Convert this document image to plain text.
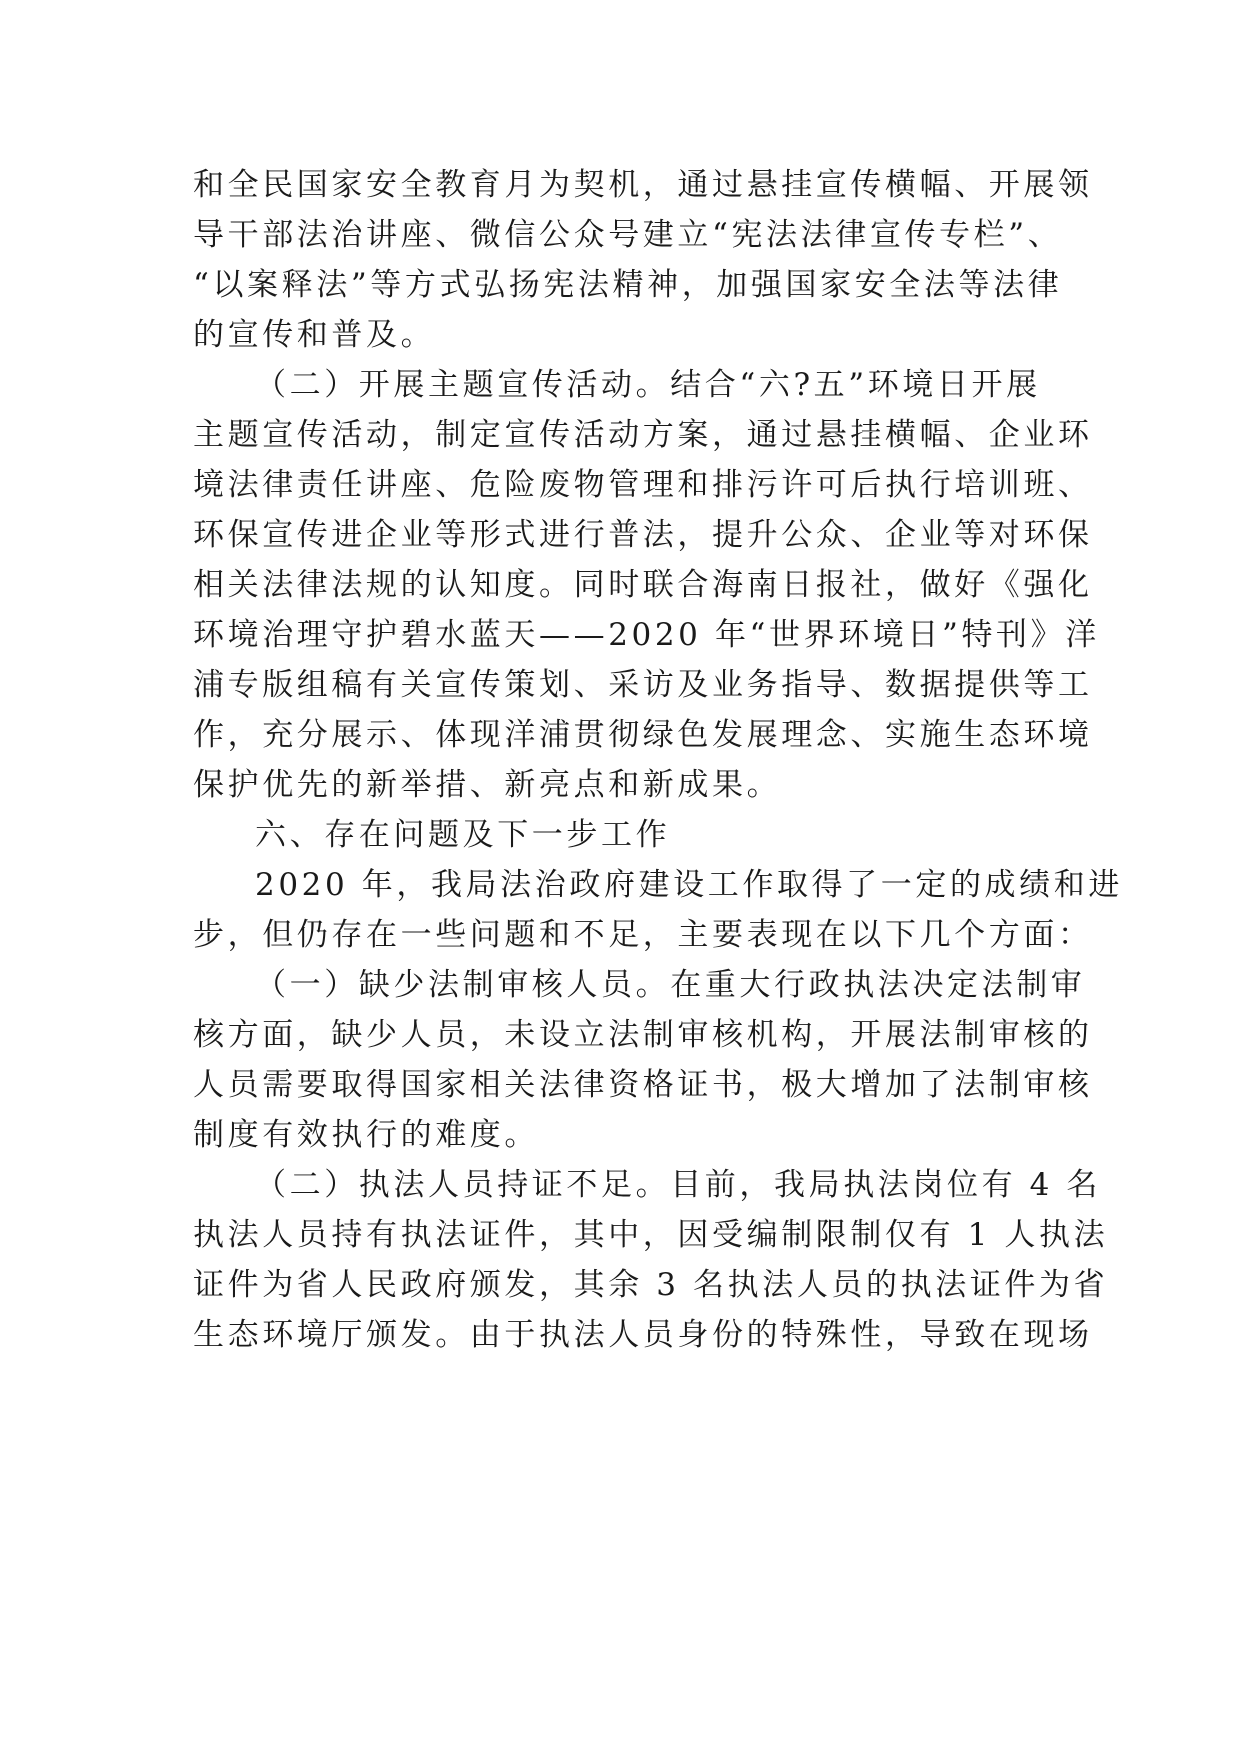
和全民国家安全教育月为契机，通过悬挂宣传横幅、开展领
导干部法治讲座、微信公众号建立“宪法法律宣传专栏”、
“以案释法”等方式弘扬宪法精神，加强国家安全法等法律
的宣传和普及。
（二）开展主题宣传活动。结合“六?五”环境日开展
主题宣传活动，制定宣传活动方案，通过悬挂横幅、企业环
境法律责任讲座、危险废物管理和排污许可后执行培训班、
环保宣传进企业等形式进行普法，提升公众、企业等对环保
相关法律法规的认知度。同时联合海南日报社，做好《强化
环境治理守护碧水蓝天——2020 年“世界环境日”特刊》洋
浦专版组稿有关宣传策划、采访及业务指导、数据提供等工
作，充分展示、体现洋浦贯彻绿色发展理念、实施生态环境
保护优先的新举措、新亮点和新成果。
六、存在问题及下一步工作
2020 年，我局法治政府建设工作取得了一定的成绩和进
步，但仍存在一些问题和不足，主要表现在以下几个方面：
（一）缺少法制审核人员。在重大行政执法决定法制审
核方面，缺少人员，未设立法制审核机构，开展法制审核的
人员需要取得国家相关法律资格证书，极大增加了法制审核
制度有效执行的难度。
（二）执法人员持证不足。目前，我局执法岗位有 4 名
执法人员持有执法证件，其中，因受编制限制仅有 1 人执法
证件为省人民政府颁发，其余 3 名执法人员的执法证件为省
生态环境厅颁发。由于执法人员身份的特殊性，导致在现场
